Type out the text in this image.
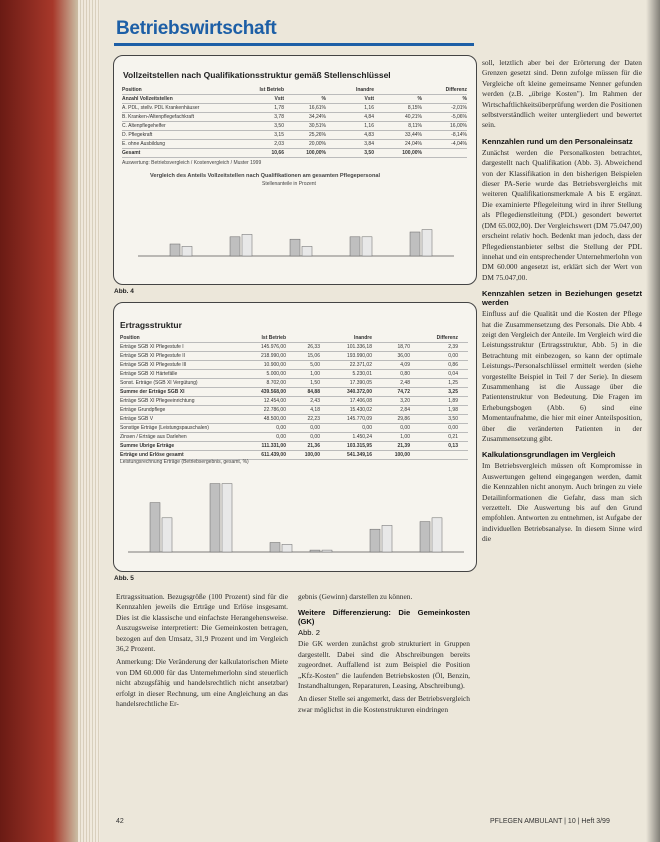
Betriebswirtschaft
Vollzeitstellen nach Qualifikationsstruktur gemäß Stellenschlüssel
Position	Ist Betrieb	Inandre	Differenz
Anzahl Vollzeitstellen	Vstt	%	Vstt	%	%
A. PDL, stellv. PDL Krankenhäuser	1,78	16,61%	1,16	8,15%	-2,01%
B. Kranken-/Altenpflegefachkraft	3,78	34,24%	4,84	40,21%	-5,06%
C. Altenpflegehelfer	3,50	30,51%	1,16	8,11%	16,00%
D. Pflegekraft	3,15	25,26%	4,83	33,44%	-8,14%
E. ohne Ausbildung	2,03	20,00%	3,84	24,04%	-4,04%
Gesamt	10,66	100,00%	3,50	100,00%
Auswertung: Betriebsvergleich / Kostenvergleich / Muster 1999
Vergleich des Anteils Vollzeitstellen nach Qualifikationen am gesamten Pflegepersonal
Stellenanteile in Prozent
Abb. 4
Ertragsstruktur
Position	Ist Betrieb	Inandre	Differenz
Erträge SGB XI Pflegestufe I	145.976,00	26,33	101.336,18	18,70	2,39
Erträge SGB XI Pflegestufe II	218.990,00	15,06	193.990,00	36,00	0,00
Erträge SGB XI Pflegestufe III	10.900,00	5,00	22.371,02	4,09	0,86
Erträge SGB XI Härtefälle	5.000,00	1,00	5.230,01	0,80	0,04
Sonst. Erträge (SGB XI Vergütung)	8.702,00	1,50	17.390,05	2,48	1,25
Summe der Erträge SGB XI	439.568,00	84,88	340.372,00	74,72	3,25
Erträge SGB XI Pflegeeinrichtung	12.454,00	2,43	17.406,08	3,20	1,89
Erträge Grundpflege	22.786,00	4,18	15.430,02	2,84	1,98
Erträge SGB V	48.500,00	22,23	145.770,09	29,86	3,50
Sonstige Erträge (Leistungspauschalen)	0,00	0,00	0,00	0,00	0,00
Zinsen / Erträge aus Darlehen	0,00	0,00	1.450,24	1,00	0,21
Summe Übrige Erträge	111.331,00	21,36	103.315,95	21,39	0,13
Erträge und Erlöse gesamt	611.439,00	100,00	541.349,16	100,00
Leistungsrechnung Erträge (Betriebsergebnis, gesamt, %)
Abb. 5

Ertragssituation. Bezugsgröße (100 Prozent) sind für die Kennzahlen jeweils die Erträge und Erlöse insgesamt. Dies ist die klassische und einfachste Herangehensweise. Auszugsweise interpretiert: Die Gemeinkosten betragen, bezogen auf den Umsatz, 31,9 Prozent und im Vergleich 36,2 Prozent.

Anmerkung: Die Veränderung der kalkulatorischen Miete von DM 60.000 für das Unternehmerlohn sind steuerlich nicht abzugsfähig und handelsrechtlich nicht ansetzbar) erfolgt in dieser Rechnung, um eine Angleichung an das handelsrechtliche Er-

gebnis (Gewinn) darstellen zu können.

Weitere Differenzierung: Die Gemeinkosten (GK)
Abb. 2

Die GK werden zunächst grob strukturiert in Gruppen dargestellt. Dabei sind die Abschreibungen bereits zugeordnet. Auffallend ist zum Beispiel die Position „Kfz-Kosten" die laufenden Betriebskosten (Öl, Benzin, Instandhaltungen, Reparaturen, Leasing, Abschreibung).

An dieser Stelle sei angemerkt, dass der Betriebsvergleich zwar möglichst in die Kostenstrukturen eindringen

soll, letztlich aber bei der Erörterung der Daten Grenzen gesetzt sind. Denn zufolge müssen für die Vergleiche oft kleine gemeinsame Nenner gefunden werden (z.B. „übrige Kosten"). Im Rahmen der Wirtschaftlichkeitsüberprüfung werden die Positionen selbstverständlich weiter untergliedert und bewertet sein.

Kennzahlen rund um den Personaleinsatz

Zunächst werden die Personalkosten betrachtet, dargestellt nach Qualifikation (Abb. 3). Abweichend von der Klassifikation in den bisherigen Beispielen dieser PA-Serie wurde das Betriebsvergleichs mit weiteren Qualifikationsmerkmale A bis E ergänzt. Die examinierte Pflegeleitung wird in ihrer Stellung als Pflegedienstleitung (PDL) gesondert bewertet (DM 65.002,00). Der Vergleichswert (DM 75.047,00) erscheint relativ hoch. Bedenkt man jedoch, dass der Pflegedienstanbieter selbst die Stellung der PDL innehat und ein entsprechender Unternehmerlohn von DM 60.000 angesetzt ist, erklärt sich der Wert von DM 75.047,00.

Kennzahlen setzen in Beziehungen gesetzt werden

Einfluss auf die Qualität und die Kosten der Pflege hat die Zusammensetzung des Personals. Die Abb. 4 zeigt den Vergleich der Anteile. Im Vergleich wird die Leistungsstruktur (Ertragsstruktur, Abb. 5) in die Betrachtung mit einbezogen, so kann der optimale Leistungs-/Personalschlüssel ermittelt werden (siehe vorgestellte Beispiel in Teil 7 der Serie). In diesem Zusammenhang ist die Aussage über die Patientenstruktur von Bedeutung. Die Fragen im Erhebungsbogen (Abb. 6) sind eine Momentaufnahme, die hier mit einer Anteilsposition, über die veränderten Patienten in der Zusammensetzung gibt.

Kalkulationsgrundlagen im Vergleich

Im Betriebsvergleich müssen oft Kompromisse in Auswertungen geltend eingegangen werden, damit die Kennzahlen nicht anonym. Auch bringen zu viele Detailinformationen die Gefahr, dass man sich verzettelt. Die Auswertung bis auf den Grund empfohlen. Antworten zu entnehmen, ist Aufgabe der individuellen Betriebsanalyse. In diesem Sinne wird die

42	PFLEGEN AMBULANT | 10 | Heft 3/99
